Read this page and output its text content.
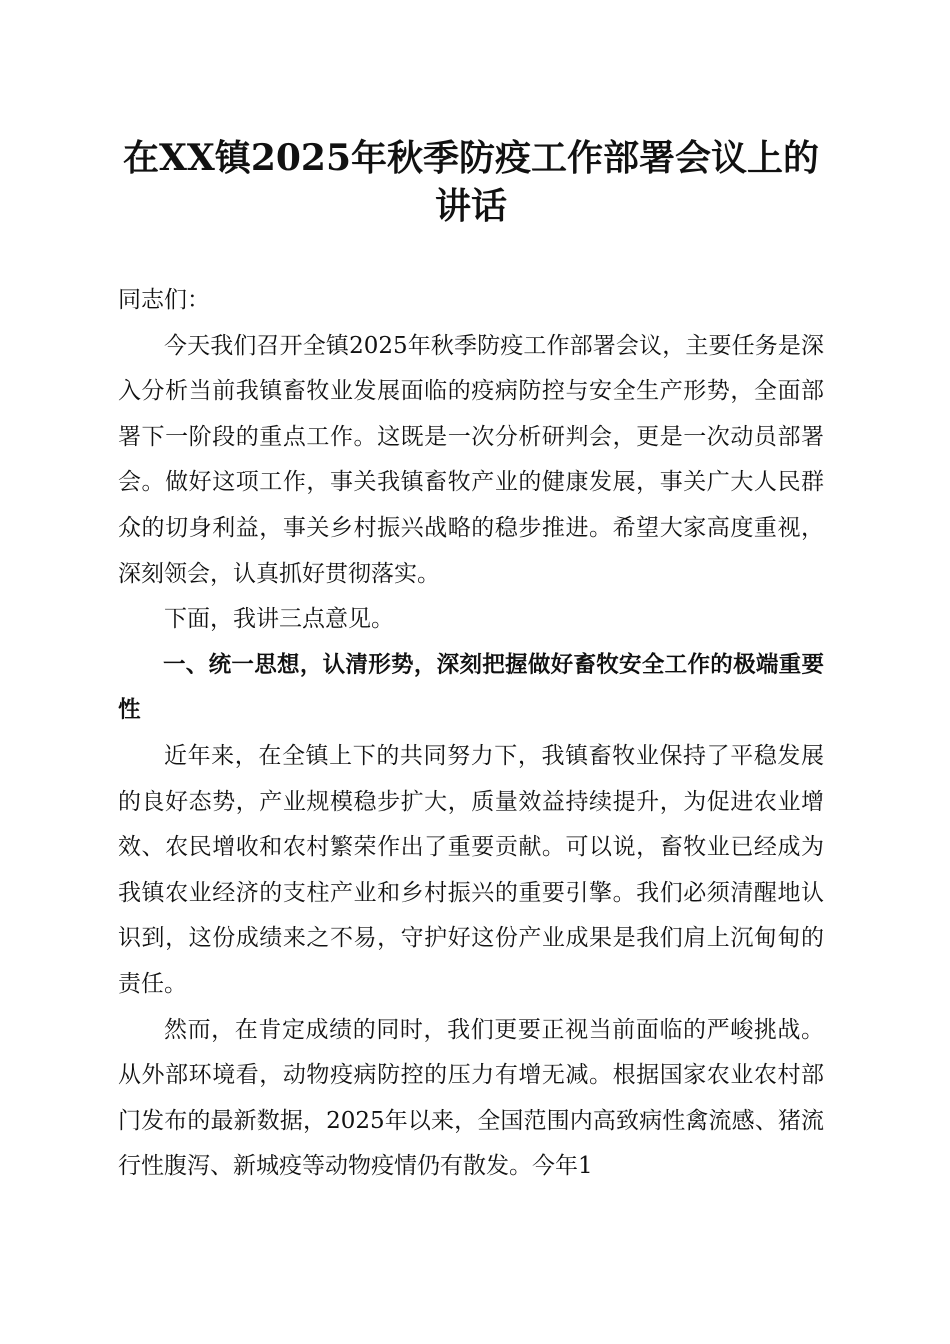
在XX镇2025年秋季防疫工作部署会议上的
讲话

同志们：

今天我们召开全镇2025年秋季防疫工作部署会议，主要任务是深入分析当前我镇畜牧业发展面临的疫病防控与安全生产形势，全面部署下一阶段的重点工作。这既是一次分析研判会，更是一次动员部署会。做好这项工作，事关我镇畜牧产业的健康发展，事关广大人民群众的切身利益，事关乡村振兴战略的稳步推进。希望大家高度重视，深刻领会，认真抓好贯彻落实。

下面，我讲三点意见。

一、统一思想，认清形势，深刻把握做好畜牧安全工作的极端重要性

近年来，在全镇上下的共同努力下，我镇畜牧业保持了平稳发展的良好态势，产业规模稳步扩大，质量效益持续提升，为促进农业增效、农民增收和农村繁荣作出了重要贡献。可以说，畜牧业已经成为我镇农业经济的支柱产业和乡村振兴的重要引擎。我们必须清醒地认识到，这份成绩来之不易，守护好这份产业成果是我们肩上沉甸甸的责任。

然而，在肯定成绩的同时，我们更要正视当前面临的严峻挑战。从外部环境看，动物疫病防控的压力有增无减。根据国家农业农村部门发布的最新数据，2025年以来，全国范围内高致病性禽流感、猪流行性腹泻、新城疫等动物疫情仍有散发。今年1
